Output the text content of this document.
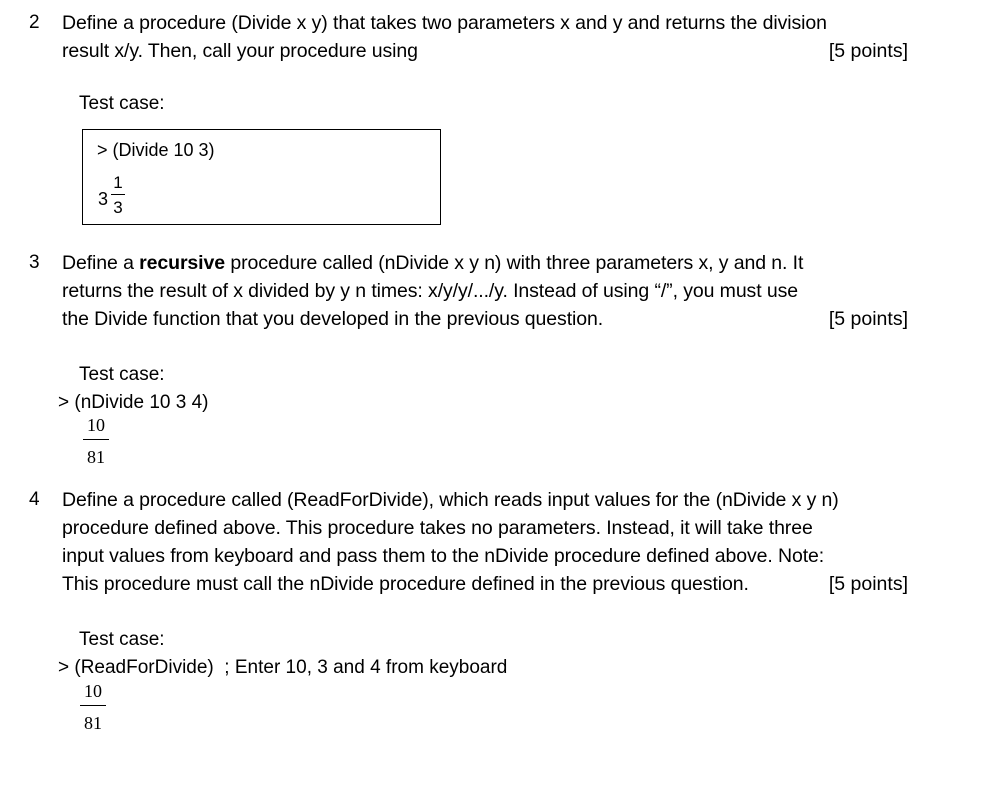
2 Define a procedure (Divide x y) that takes two parameters x and y and returns the division
result x/y. Then, call your procedure using	[5 points]
Test case:
> (Divide 10 3)
3
1
3
3 Define a recursive procedure called (nDivide x y n) with three parameters x, y and n. It
returns the result of x divided by y n times: x/y/y/.../y. Instead of using “/”, you must use
the Divide function that you developed in the previous question.	[5 points]
Test case:
> (nDivide 10 3 4)
10
81
4 Define a procedure called (ReadForDivide), which reads input values for the (nDivide x y n)
procedure defined above. This procedure takes no parameters. Instead, it will take three
input values from keyboard and pass them to the nDivide procedure defined above. Note:
This procedure must call the nDivide procedure defined in the previous question.	[5 points]
Test case:
> (ReadForDivide)  ; Enter 10, 3 and 4 from keyboard
10
81
